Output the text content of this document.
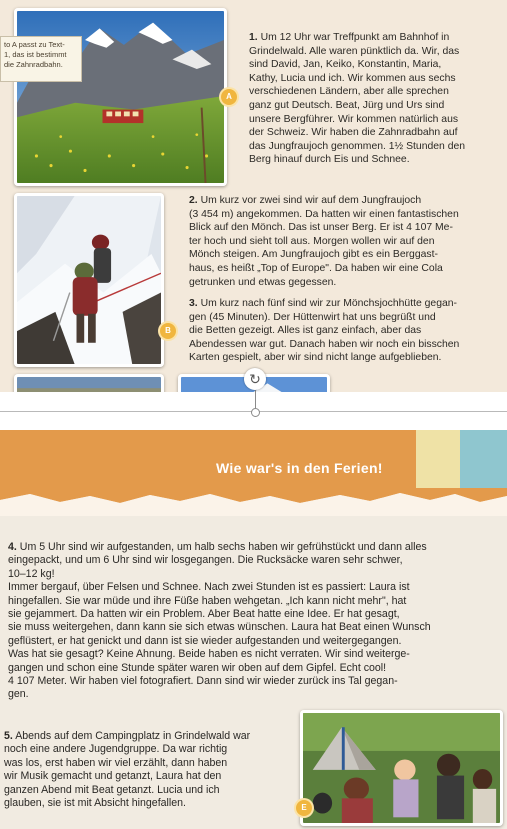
A
to A passt zu Text-
1, das ist bestimmt
die Zahnradbahn.
1. Um 12 Uhr war Treffpunkt am Bahnhof in
Grindelwald. Alle waren pünktlich da. Wir, das
sind David, Jan, Keiko, Konstantin, Maria,
Kathy, Lucia und ich. Wir kommen aus sechs
verschiedenen Ländern, aber alle sprechen
ganz gut Deutsch. Beat, Jürg und Urs sind
unsere Bergführer. Wir kommen natürlich aus
der Schweiz. Wir haben die Zahnradbahn auf
das Jungfraujoch genommen. 1½ Stunden den
Berg hinauf durch Eis und Schnee.
B
2. Um kurz vor zwei sind wir auf dem Jungfraujoch
(3 454 m) angekommen. Da hatten wir einen fantastischen
Blick auf den Mönch. Das ist unser Berg. Er ist 4 107 Me-
ter hoch und sieht toll aus. Morgen wollen wir auf den
Mönch steigen. Am Jungfraujoch gibt es ein Berggast-
haus, es heißt „Top of Europe". Da haben wir eine Cola
getrunken und etwas gegessen.
3. Um kurz nach fünf sind wir zur Mönchsjochhütte gegan-
gen (45 Minuten). Der Hüttenwirt hat uns begrüßt und
die Betten gezeigt. Alles ist ganz einfach, aber das
Abendessen war gut. Danach haben wir noch ein bisschen
Karten gespielt, aber wir sind nicht lange aufgeblieben.
↻
Wie war's in den Ferien!
4. Um 5 Uhr sind wir aufgestanden, um halb sechs haben wir gefrühstückt und dann alles
eingepackt, und um 6 Uhr sind wir losgegangen. Die Rucksäcke waren sehr schwer,
10–12 kg!
Immer bergauf, über Felsen und Schnee. Nach zwei Stunden ist es passiert: Laura ist
hingefallen. Sie war müde und ihre Füße haben wehgetan. „Ich kann nicht mehr", hat
sie gejammert. Da hatten wir ein Problem. Aber Beat hatte eine Idee. Er hat gesagt,
sie muss weitergehen, dann kann sie sich etwas wünschen. Laura hat Beat einen Wunsch
geflüstert, er hat genickt und dann ist sie wieder aufgestanden und weitergegangen.
Was hat sie gesagt? Keine Ahnung. Beide haben es nicht verraten. Wir sind weiterge-
gangen und schon eine Stunde später waren wir oben auf dem Gipfel. Echt cool!
4 107 Meter. Wir haben viel fotografiert. Dann sind wir wieder zurück ins Tal gegan-
gen.
5. Abends auf dem Campingplatz in Grindelwald war
noch eine andere Jugendgruppe. Da war richtig
was los, erst haben wir viel erzählt, dann haben
wir Musik gemacht und getanzt, Laura hat den
ganzen Abend mit Beat getanzt. Lucia und ich
glauben, sie ist mit Absicht hingefallen.	E
